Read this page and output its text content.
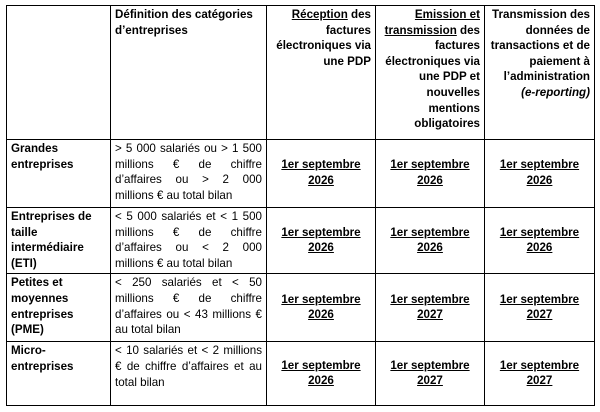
	Définition des catégories d’entreprises	Réception des factures électroniques via une PDP	Emission et transmission des factures électroniques via une PDP et nouvelles mentions obligatoires	Transmission des données de transactions et de paiement à l’administration (e-reporting)
Grandes entreprises	> 5 000 salariés ou > 1 500 millions € de chiffre d’affaires ou > 2 000 millions € au total bilan	1er septembre 2026	1er septembre 2026	1er septembre 2026
Entreprises de taille intermédiaire (ETI)	< 5 000 salariés et < 1 500 millions € de chiffre d’affaires ou < 2 000 millions € au total bilan	1er septembre 2026	1er septembre 2026	1er septembre 2026
Petites et moyennes entreprises (PME)	< 250 salariés et < 50 millions € de chiffre d’affaires ou < 43 millions € au total bilan	1er septembre 2026	1er septembre 2027	1er septembre 2027
Micro-entreprises	< 10 salariés et < 2 millions € de chiffre d’affaires et au total bilan	1er septembre 2026	1er septembre 2027	1er septembre 2027
